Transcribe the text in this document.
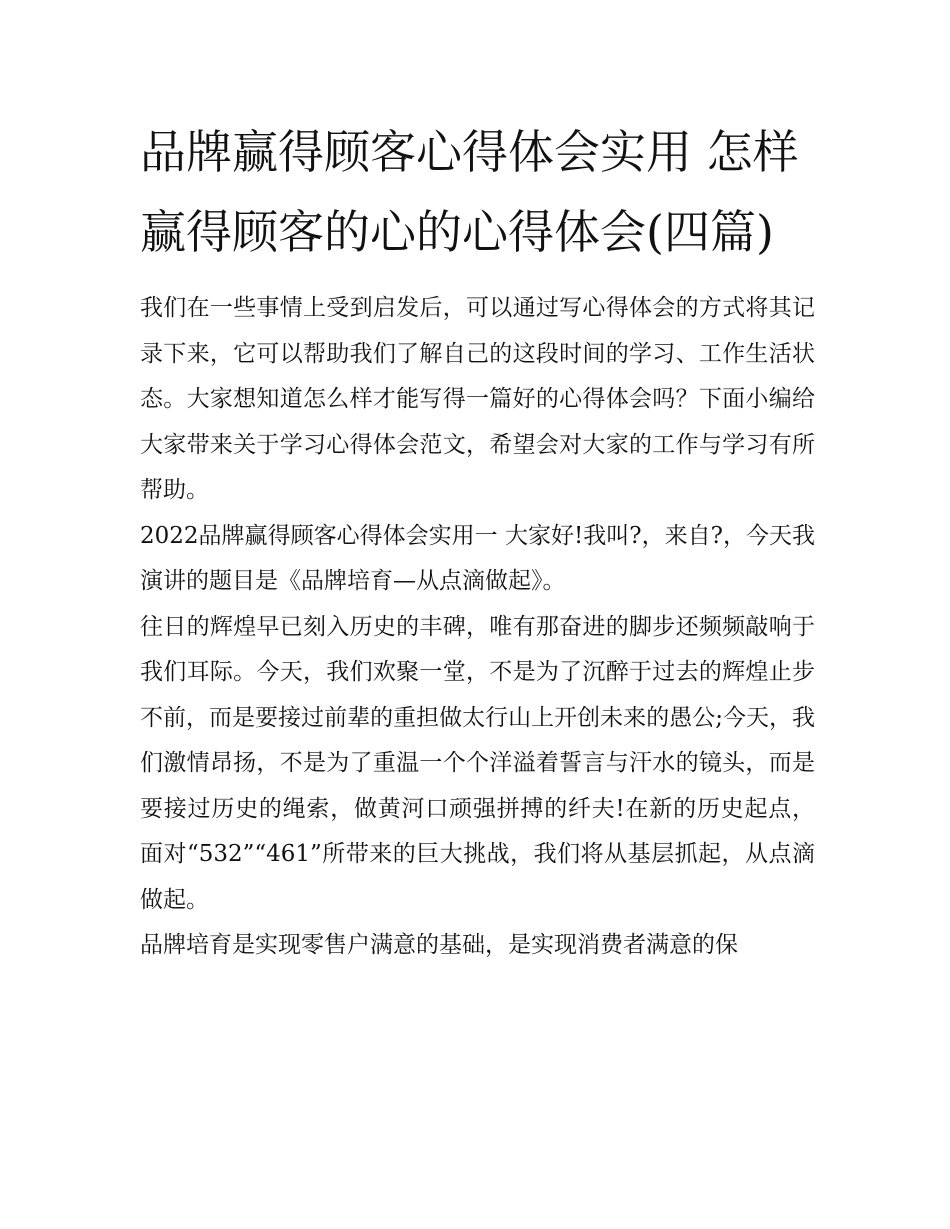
品牌赢得顾客心得体会实用 怎样赢得顾客的心的心得体会(四篇)

我们在一些事情上受到启发后，可以通过写心得体会的方式将其记录下来，它可以帮助我们了解自己的这段时间的学习、工作生活状态。大家想知道怎么样才能写得一篇好的心得体会吗？下面小编给大家带来关于学习心得体会范文，希望会对大家的工作与学习有所帮助。

2022品牌赢得顾客心得体会实用一 大家好!我叫?，来自?，今天我演讲的题目是《品牌培育—从点滴做起》。

往日的辉煌早已刻入历史的丰碑，唯有那奋进的脚步还频频敲响于我们耳际。今天，我们欢聚一堂，不是为了沉醉于过去的辉煌止步不前，而是要接过前辈的重担做太行山上开创未来的愚公;今天，我们激情昂扬，不是为了重温一个个洋溢着誓言与汗水的镜头，而是要接过历史的绳索，做黄河口顽强拼搏的纤夫!在新的历史起点，面对“532”“461”所带来的巨大挑战，我们将从基层抓起，从点滴做起。

品牌培育是实现零售户满意的基础，是实现消费者满意的保
